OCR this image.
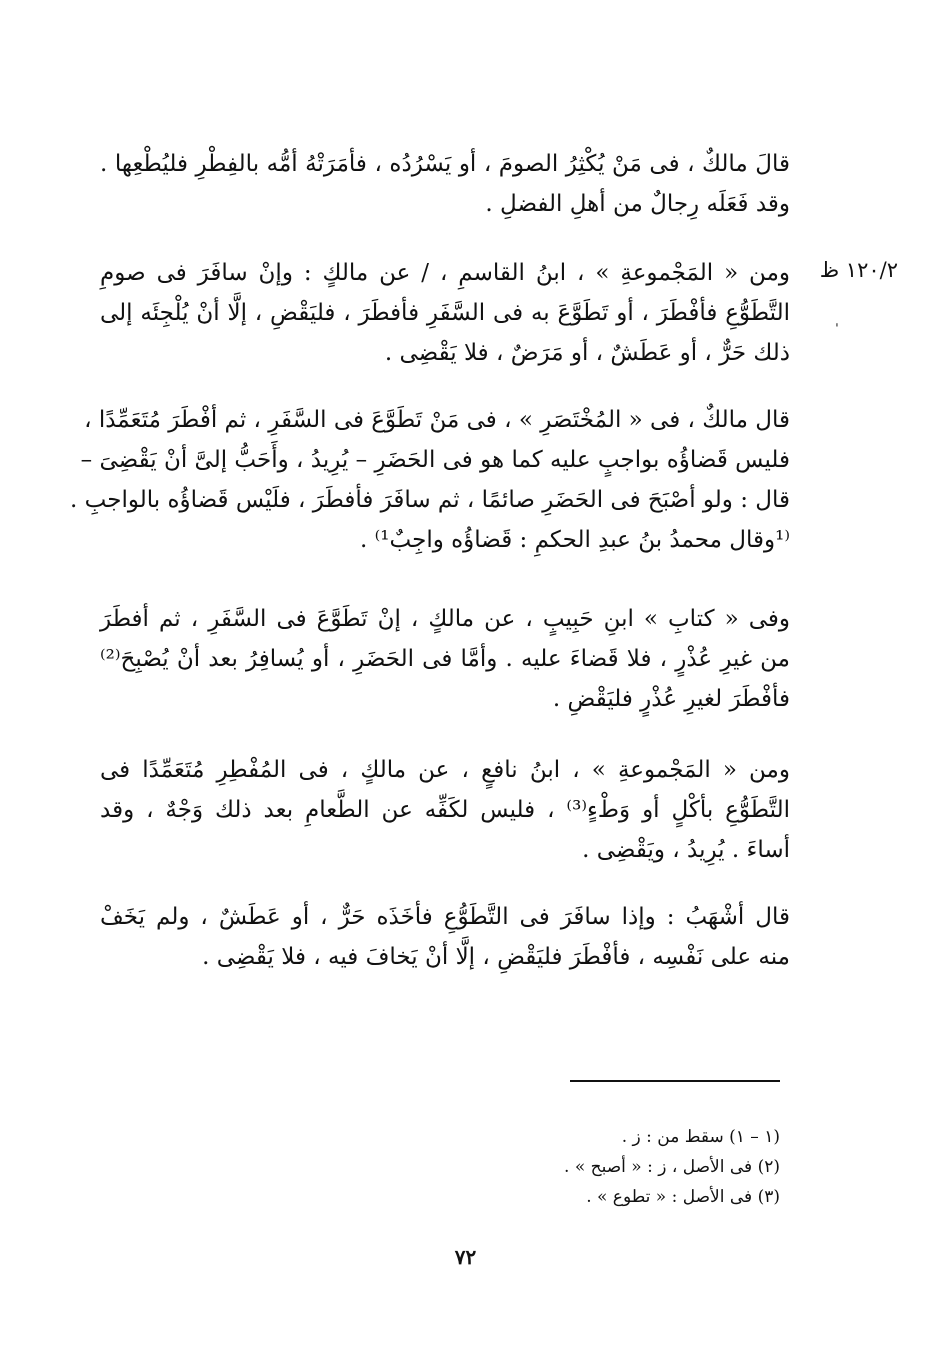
١٢٠/٢ ظ
ˌ
قالَ مالكٌ ، فى مَنْ يُكْثِرُ الصومَ ، أو يَسْرُدُه ، فأمَرَتْهُ أمُّه بالفِطْرِ فليُطْعِها .
وقد فَعَلَه رِجالٌ من أهلِ الفضلِ .
ومن « المَجْموعةِ » ، ابنُ القاسمِ ، / عن مالكٍ : وإنْ سافَرَ فى صومِ
التَّطَوُّعِ فأفْطَرَ ، أو تَطَوَّعَ به فى السَّفَرِ فأفطَرَ ، فليَقْضِ ، إلَّا أنْ يُلْجِئَه إلى
ذلك حَرٌّ ، أو عَطَشٌ ، أو مَرَضٌ ، فلا يَقْضِى .
قال مالكٌ ، فى « المُخْتَصَرِ » ، فى مَنْ تَطَوَّعَ فى السَّفَرِ ، ثم أفْطَرَ مُتَعَمِّدًا ،
فليس قَضاؤُه بواجبٍ عليه كما هو فى الحَضَرِ – يُرِيدُ ، وأَحَبُّ إلىَّ أنْ يَقْضِىَ –
قال : ولو أصْبَحَ فى الحَضَرِ صائمًا ، ثم سافَرَ فأفطَرَ ، فلَيْس قَضاؤُه بالواجبِ .
⁽¹وقال محمدُ بنُ عبدِ الحكمِ : قَضاؤُه واجِبٌ¹⁾ .
وفى « كتابِ » ابنِ حَبِيبٍ ، عن مالكٍ ، إنْ تَطَوَّعَ فى السَّفَرِ ، ثم أفطَرَ
من غيرِ عُذْرٍ ، فلا قَضاءَ عليه . وأمَّا فى الحَضَرِ ، أو يُسافِرُ بعد أنْ يُصْبِحَ⁽²⁾
فأفْطَرَ لغيرِ عُذْرٍ فليَقْضِ .
ومن « المَجْموعةِ » ، ابنُ نافعٍ ، عن مالكٍ ، فى المُفْطِرِ مُتَعَمِّدًا فى
التَّطَوُّعِ بأكْلٍ أو وَطْءٍ⁽³⁾ ، فليس لكَفِّه عن الطَّعامِ بعد ذلك وَجْهٌ ، وقد
أساءَ . يُرِيدُ ، ويَقْضِى .
قال أشْهَبُ : وإذا سافَرَ فى التَّطَوُّعِ فأخَذَه حَرٌّ ، أو عَطَشٌ ، ولم يَخَفْ
منه على نَفْسِه ، فأفْطَرَ فليَقْضِ ، إلَّا أنْ يَخافَ فيه ، فلا يَقْضِى .
(١ – ١) سقط من : ز .
(٢) فى الأصل ، ز : « أصبح » .
(٣) فى الأصل : « تطوع » .
٧٢
